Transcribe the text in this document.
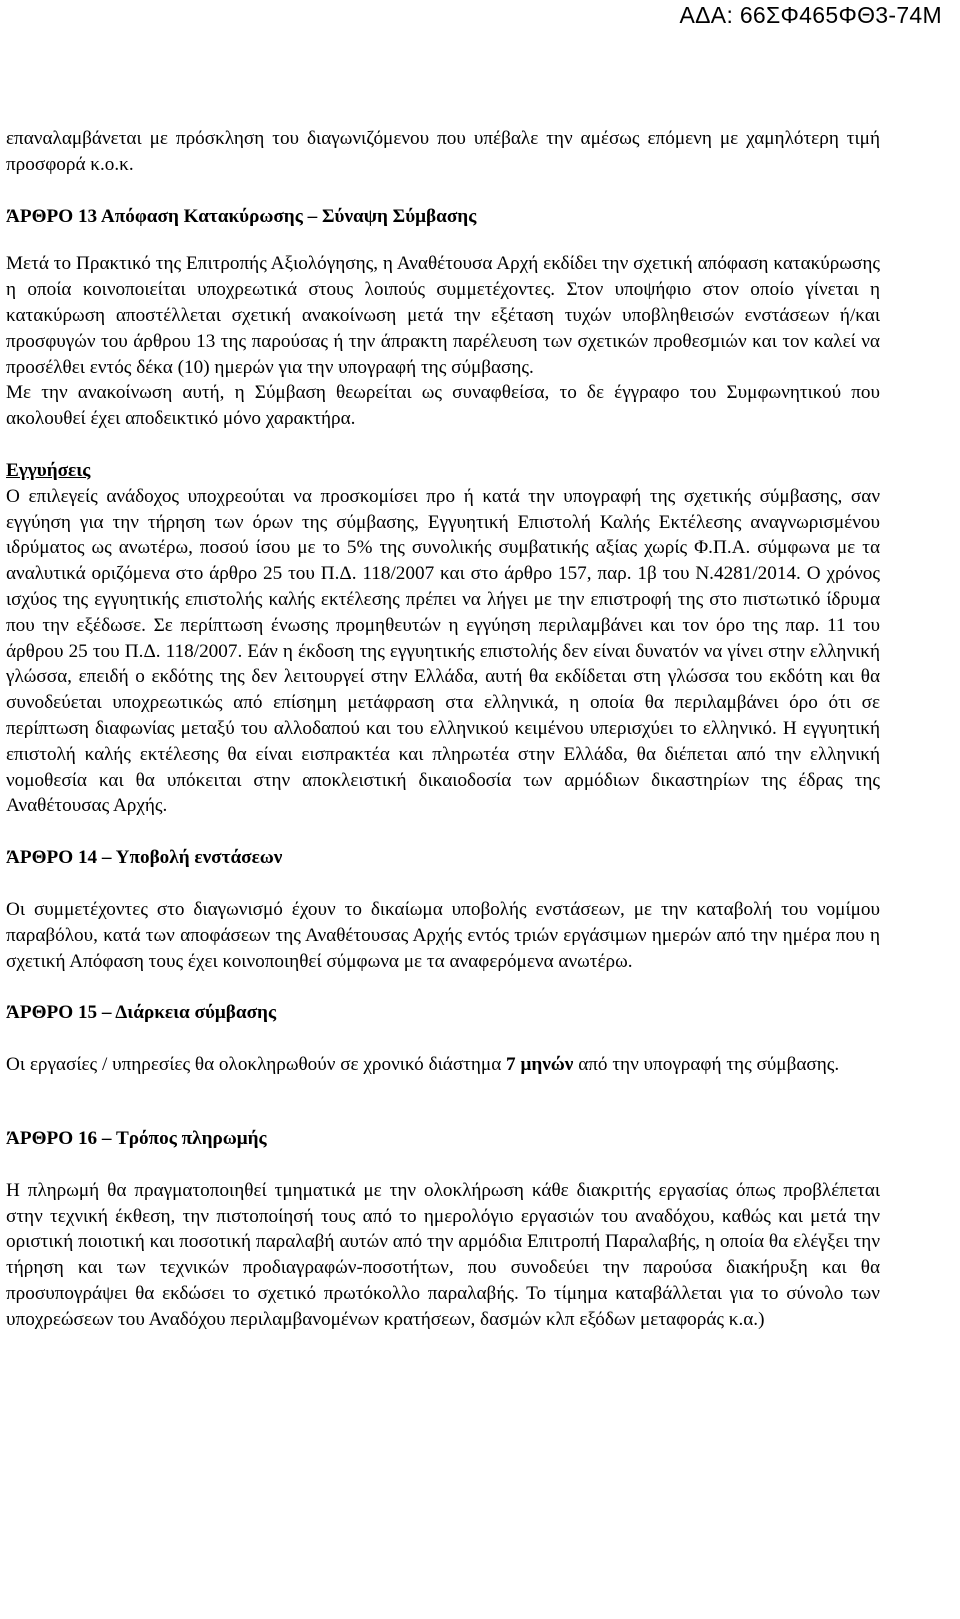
ΑΔΑ: 66ΣΦ465ΦΘ3-74Μ

επαναλαμβάνεται με πρόσκληση του διαγωνιζόμενου που υπέβαλε την αμέσως επόμενη με χαμηλότερη τιμή προσφορά κ.ο.κ.

ΆΡΘΡΟ 13 Απόφαση Κατακύρωσης – Σύναψη Σύμβασης

Μετά το Πρακτικό της Επιτροπής Αξιολόγησης, η Αναθέτουσα Αρχή εκδίδει την σχετική απόφαση κατακύρωσης η οποία κοινοποιείται υποχρεωτικά στους λοιπούς συμμετέχοντες. Στον υποψήφιο στον οποίο γίνεται η κατακύρωση αποστέλλεται σχετική ανακοίνωση μετά την εξέταση τυχών υποβληθεισών ενστάσεων ή/και προσφυγών του άρθρου 13 της παρούσας ή την άπρακτη παρέλευση των σχετικών προθεσμιών και τον καλεί να προσέλθει εντός δέκα (10) ημερών για την υπογραφή της σύμβασης.

Με την ανακοίνωση αυτή, η Σύμβαση θεωρείται ως συναφθείσα, το δε έγγραφο του Συμφωνητικού που ακολουθεί έχει αποδεικτικό μόνο χαρακτήρα.

Εγγυήσεις

Ο επιλεγείς ανάδοχος υποχρεούται να προσκομίσει προ ή κατά την υπογραφή της σχετικής σύμβασης, σαν εγγύηση για την τήρηση των όρων της σύμβασης, Εγγυητική Επιστολή Καλής Εκτέλεσης αναγνωρισμένου ιδρύματος ως ανωτέρω, ποσού ίσου με το 5% της συνολικής συμβατικής αξίας χωρίς Φ.Π.Α. σύμφωνα με τα αναλυτικά οριζόμενα στο άρθρο 25 του Π.Δ. 118/2007 και στο άρθρο 157, παρ. 1β του Ν.4281/2014. Ο χρόνος ισχύος της εγγυητικής επιστολής καλής εκτέλεσης πρέπει να λήγει με την επιστροφή της στο πιστωτικό ίδρυμα που την εξέδωσε. Σε περίπτωση ένωσης προμηθευτών η εγγύηση περιλαμβάνει και τον όρο της παρ. 11 του άρθρου 25 του Π.Δ. 118/2007. Εάν η έκδοση της εγγυητικής επιστολής δεν είναι δυνατόν να γίνει στην ελληνική γλώσσα, επειδή ο εκδότης της δεν λειτουργεί στην Ελλάδα, αυτή θα εκδίδεται στη γλώσσα του εκδότη και θα συνοδεύεται υποχρεωτικώς από επίσημη μετάφραση στα ελληνικά, η οποία θα περιλαμβάνει όρο ότι σε περίπτωση διαφωνίας μεταξύ του αλλοδαπού και του ελληνικού κειμένου υπερισχύει το ελληνικό. Η εγγυητική επιστολή καλής εκτέλεσης θα είναι εισπρακτέα και πληρωτέα στην Ελλάδα, θα διέπεται από την ελληνική νομοθεσία και θα υπόκειται στην αποκλειστική δικαιοδοσία των αρμόδιων δικαστηρίων της έδρας της Αναθέτουσας Αρχής.

ΆΡΘΡΟ 14 – Υποβολή ενστάσεων

Οι συμμετέχοντες στο διαγωνισμό έχουν το δικαίωμα υποβολής ενστάσεων, με την καταβολή του νομίμου παραβόλου, κατά των αποφάσεων της Αναθέτουσας Αρχής εντός τριών εργάσιμων ημερών από την ημέρα που η σχετική Απόφαση τους έχει κοινοποιηθεί σύμφωνα με τα αναφερόμενα ανωτέρω.

ΆΡΘΡΟ 15 – Διάρκεια σύμβασης

Οι εργασίες / υπηρεσίες θα ολοκληρωθούν σε χρονικό διάστημα 7 μηνών από την υπογραφή της σύμβασης.

ΆΡΘΡΟ 16 – Τρόπος πληρωμής

Η πληρωμή θα πραγματοποιηθεί τμηματικά με την ολοκλήρωση κάθε διακριτής εργασίας όπως προβλέπεται στην τεχνική έκθεση, την πιστοποίησή τους από το ημερολόγιο εργασιών του αναδόχου, καθώς και μετά την οριστική ποιοτική και ποσοτική παραλαβή αυτών από την αρμόδια Επιτροπή Παραλαβής, η οποία θα ελέγξει την τήρηση και των τεχνικών προδιαγραφών-ποσοτήτων, που συνοδεύει την παρούσα διακήρυξη και θα προσυπογράψει θα εκδώσει το σχετικό πρωτόκολλο παραλαβής. Το τίμημα καταβάλλεται για το σύνολο των υποχρεώσεων του Αναδόχου περιλαμβανομένων κρατήσεων, δασμών κλπ εξόδων μεταφοράς κ.α.)
